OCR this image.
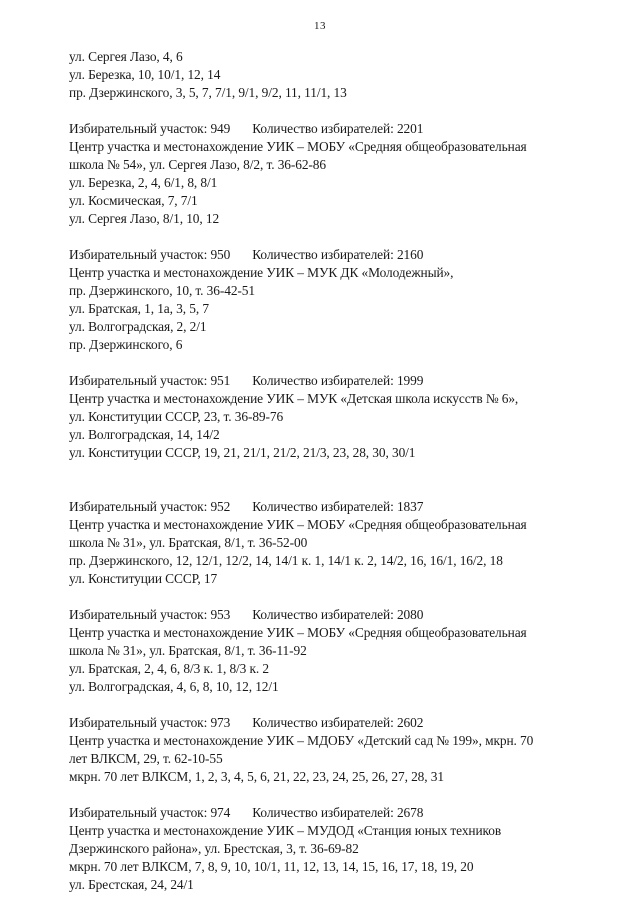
13
ул. Сергея Лазо, 4, 6
ул. Березка, 10, 10/1, 12, 14
пр. Дзержинского, 3, 5, 7, 7/1, 9/1, 9/2, 11, 11/1, 13
Избирательный участок: 949 Количество избирателей: 2201
Центр участка и местонахождение УИК – МОБУ «Средняя общеобразовательная
школа № 54», ул. Сергея Лазо, 8/2, т. 36-62-86
ул. Березка, 2, 4, 6/1, 8, 8/1
ул. Космическая, 7, 7/1
ул. Сергея Лазо, 8/1, 10, 12
Избирательный участок: 950 Количество избирателей: 2160
Центр участка и местонахождение УИК – МУК ДК «Молодежный»,
пр. Дзержинского, 10, т. 36-42-51
ул. Братская, 1, 1а, 3, 5, 7
ул. Волгоградская, 2, 2/1
пр. Дзержинского, 6
Избирательный участок: 951 Количество избирателей: 1999
Центр участка и местонахождение УИК – МУК «Детская школа искусств № 6»,
ул. Конституции СССР, 23, т. 36-89-76
ул. Волгоградская, 14, 14/2
ул. Конституции СССР, 19, 21, 21/1, 21/2, 21/3, 23, 28, 30, 30/1
Избирательный участок: 952 Количество избирателей: 1837
Центр участка и местонахождение УИК – МОБУ «Средняя общеобразовательная
школа № 31», ул. Братская, 8/1, т. 36-52-00
пр. Дзержинского, 12, 12/1, 12/2, 14, 14/1 к. 1, 14/1 к. 2, 14/2, 16, 16/1, 16/2, 18
ул. Конституции СССР, 17
Избирательный участок: 953 Количество избирателей: 2080
Центр участка и местонахождение УИК – МОБУ «Средняя общеобразовательная
школа № 31», ул. Братская, 8/1, т. 36-11-92
ул. Братская, 2, 4, 6, 8/3 к. 1, 8/3 к. 2
ул. Волгоградская, 4, 6, 8, 10, 12, 12/1
Избирательный участок: 973 Количество избирателей: 2602
Центр участка и местонахождение УИК – МДОБУ «Детский сад № 199», мкрн. 70
лет ВЛКСМ, 29, т. 62-10-55
мкрн. 70 лет ВЛКСМ, 1, 2, 3, 4, 5, 6, 21, 22, 23, 24, 25, 26, 27, 28, 31
Избирательный участок: 974 Количество избирателей: 2678
Центр участка и местонахождение УИК – МУДОД «Станция юных техников
Дзержинского района», ул. Брестская, 3, т. 36-69-82
мкрн. 70 лет ВЛКСМ, 7, 8, 9, 10, 10/1, 11, 12, 13, 14, 15, 16, 17, 18, 19, 20
ул. Брестская, 24, 24/1
